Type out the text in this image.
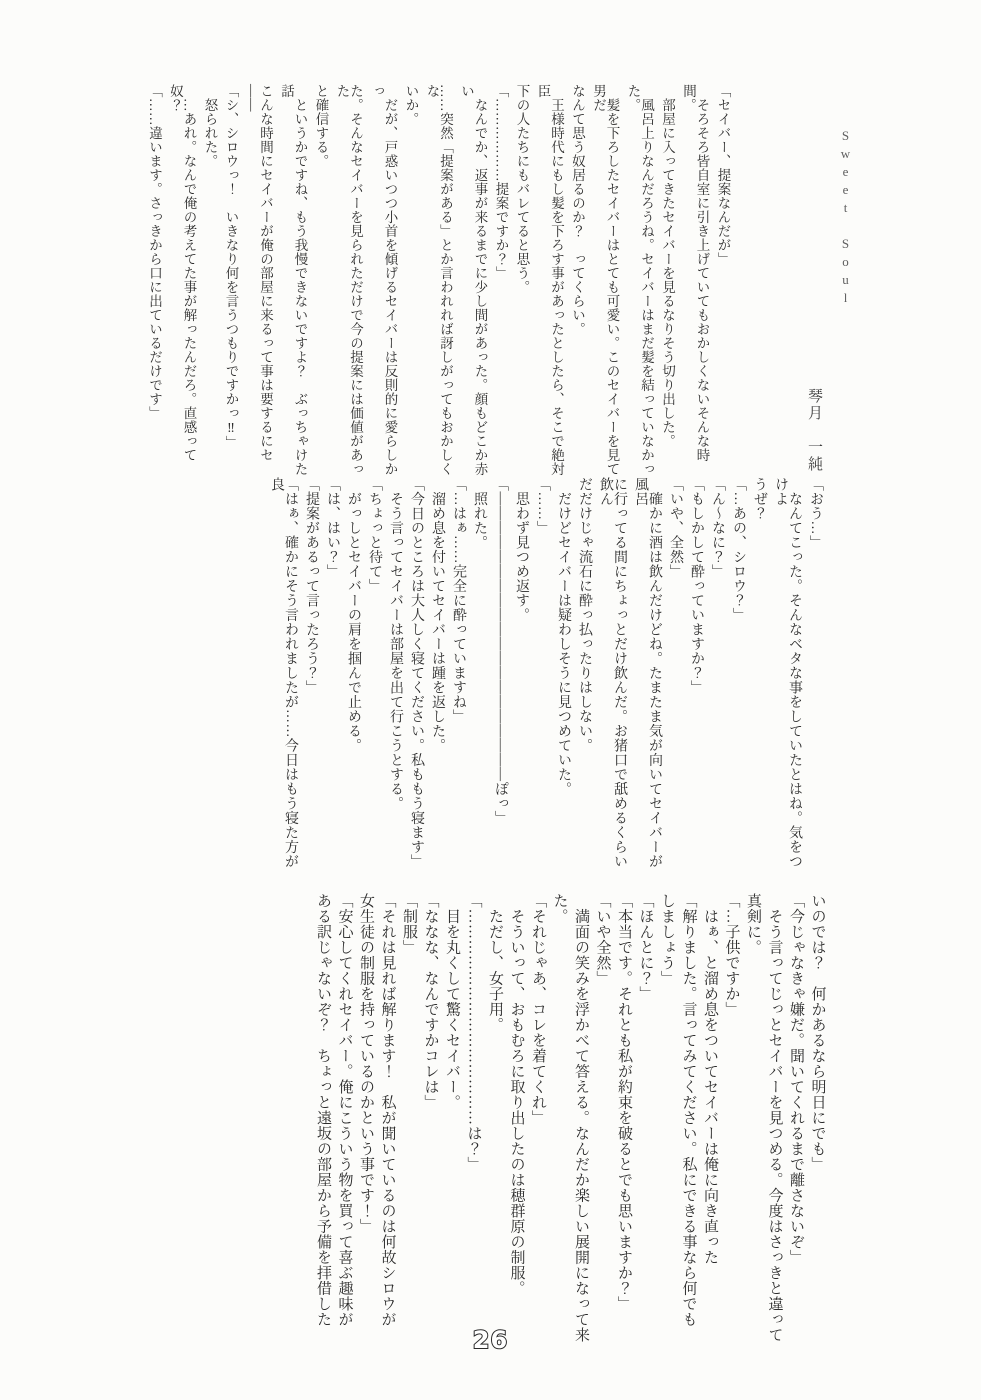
Sweet Soul
琴月　一純

「セイバー、提案なんだが」

　そろそろ皆自室に引き上げていてもおかしくないそんな時間。

　部屋に入ってきたセイバーを見るなりそう切り出した。

　風呂上りなんだろうね。セイバーはまだ髪を結っていなかった。

　髪を下ろしたセイバーはとても可愛い。このセイバーを見て男だ

なんて思う奴居るのか？　ってくらい。

　王様時代にもし髪を下ろす事があったとしたら、そこで絶対臣

下の人たちにもバレてると思う。

「………………提案ですか？」

　なんでか、返事が来るまでに少し間があった。顔もどこか赤い

……突然「提案がある」とか言われれば訝しがってもおかしくな

いか。

　だが、戸惑いつつ小首を傾げるセイバーは反則的に愛らしかっ

た。そんなセイバーを見られただけで今の提案には価値があった

と確信する。

　というかですね、もう我慢できないですよ？　ぶっちゃけた話

こんな時間にセイバーが俺の部屋に来るって事は要するにセ――

「シ、シロウっ！　いきなり何を言うつもりですかっ‼」

　怒られた。

　…あれ。なんで俺の考えてた事が解ったんだろ。直感って奴？

「……違います。さっきから口に出ているだけです」

「おう…」

　なんてこった。そんなベタな事をしていたとはね。気をつけよ

うぜ？

「…あの、シロウ？」

「ん～なに？」

「もしかして酔っていますか？」

「いや、全然」

　確かに酒は飲んだけどね。たまたま気が向いてセイバーが風呂

に行ってる間にちょっとだけ飲んだ。お猪口で舐めるくらい飲ん

だだけじゃ流石に酔っ払ったりはしない。

　だけどセイバーは疑わしそうに見つめていた。

「……」

　思わず見つめ返す。

「――――――――――――――――――――ぽっ」

　照れた。

「…はぁ……完全に酔っていますね」

　溜め息を付いてセイバーは踵を返した。

「今日のところは大人しく寝てください。私ももう寝ます」

　そう言ってセイバーは部屋を出て行こうとする。

「ちょっと待て」

　がっしとセイバーの肩を掴んで止める。

「は、はい？」

「提案があるって言ったろう？」

「はぁ、確かにそう言われましたが……今日はもう寝た方が良

いのでは？　何かあるなら明日にでも」

「今じゃなきゃ嫌だ。聞いてくれるまで離さないぞ」

　そう言ってじっとセイバーを見つめる。今度はさっきと違って

真剣に。

「…子供ですか」

　はぁ、と溜め息をついてセイバーは俺に向き直った

「解りました。言ってみてください。私にできる事なら何でも

しましょう」

「ほんとに？」

「本当です。それとも私が約束を破るとでも思いますか？」

「いや全然」

　満面の笑みを浮かべて答える。なんだか楽しい展開になって来

た。

「それじゃあ、コレを着てくれ」

　そういって、おもむろに取り出したのは穂群原の制服。

　ただし、女子用。

「……………………………………は？」

　目を丸くして驚くセイバー。

「ななな、なんですかコレは」

「制服」

「それは見れば解ります！　私が聞いているのは何故シロウが

女生徒の制服を持っているのかという事です！」

「安心してくれセイバー。俺にこういう物を買って喜ぶ趣味が

ある訳じゃないぞ？　ちょっと遠坂の部屋から予備を拝借した

26
